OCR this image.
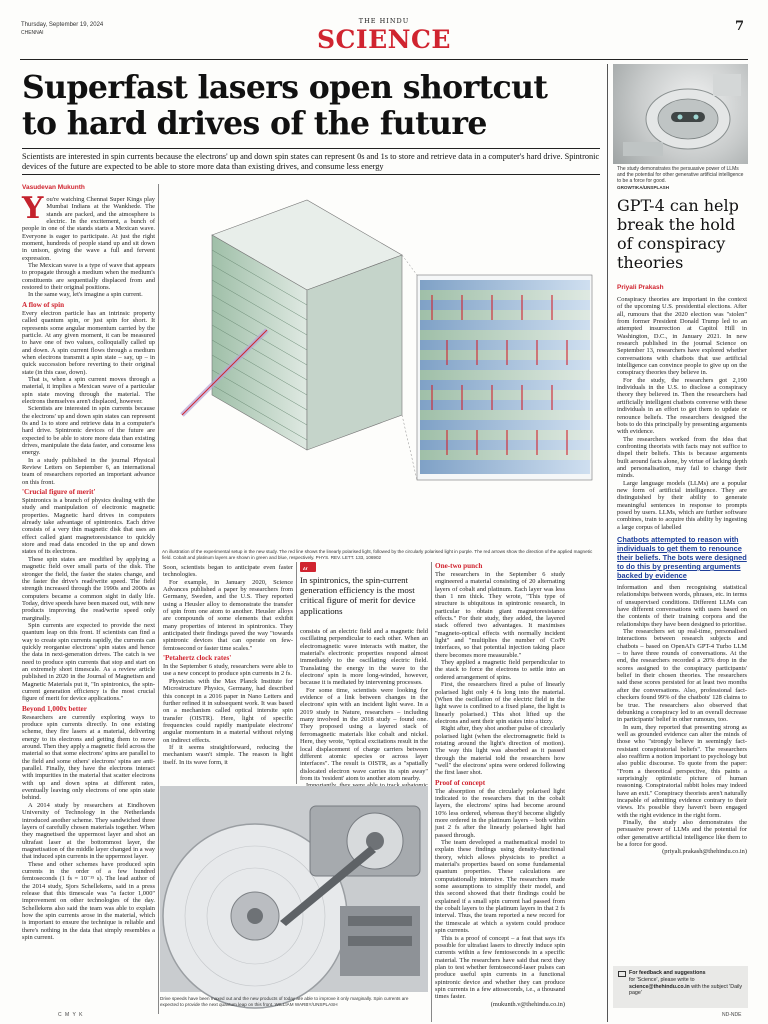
Thursday, September 19, 2024
CHENNAI
THE HINDU
SCIENCE	7
Superfast lasers open shortcut
to hard drives of the future
Scientists are interested in spin currents because the electrons' up and down spin states can represent 0s and 1s to store and retrieve data in a computer's hard drive. Spintronic devices of the future are expected to be able to store more data than existing drives, and consume less energy
Vasudevan Mukunth

You're watching Chennai Super Kings play Mumbai Indians at the Wankhede. The stands are packed, and the atmosphere is electric. In the excitement, a bunch of people in one of the stands starts a Mexican wave. Everyone is eager to participate. At just the right moment, hundreds of people stand up and sit down in unison, giving the wave a full and fervent expression.

The Mexican wave is a type of wave that appears to propagate through a medium when the medium's constituents are sequentially displaced from and restored to their original positions.

In the same way, let's imagine a spin current.

A flow of spin

Every electron particle has an intrinsic property called quantum spin, or just spin for short. It represents some angular momentum carried by the particle. At any given moment, it can be measured to have one of two values, colloquially called up and down. A spin current flows through a medium when electrons transmit a spin state – say, up – in quick succession before reverting to their original state (in this case, down).

That is, when a spin current moves through a material, it implies a Mexican wave of a particular spin state moving through the material. The electrons themselves aren't displaced, however.

Scientists are interested in spin currents because the electrons' up and down spin states can represent 0s and 1s to store and retrieve data in a computer's hard drive. Spintronic devices of the future are expected to be able to store more data than existing drives, manipulate the data faster, and consume less energy.

In a study published in the journal Physical Review Letters on September 6, an international team of researchers reported an important advance on this front.

'Crucial figure of merit'

Spintronics is a branch of physics dealing with the study and manipulation of electronic magnetic properties. Magnetic hard drives in computers already take advantage of spintronics. Each drive consists of a very thin magnetic disk that uses an effect called giant magnetoresistance to quickly store and read data encoded in the up and down states of its electrons.

These spin states are modified by applying a magnetic field over small parts of the disk. The stronger the field, the faster the states change, and the faster the drive's read/write speed. The field strength increased through the 1990s and 2000s as computers became a common sight in daily life. Today, drive speeds have been maxed out, with new products improving the read/write speed only marginally.

Spin currents are expected to provide the next quantum leap on this front. If scientists can find a way to create spin currents rapidly, the currents can quickly reorganise electrons' spin states and hence the data in next-generation drives. The catch is we need to produce spin currents that stop and start on an extremely short timescale. As a review article published in 2020 in the Journal of Magnetism and Magnetic Materials put it, "In spintronics, the spin-current generation efficiency is the most crucial figure of merit for device applications."

Beyond 1,000x better

Researchers are currently exploring ways to produce spin currents directly. In one existing scheme, they fire lasers at a material, delivering energy to its electrons and getting them to move around. Then they apply a magnetic field across the material so that some electrons' spins are parallel to the field and some others' electrons' spins are anti-parallel. Finally, they have the electrons interact with impurities in the material that scatter electrons with up and down spins at different rates, eventually leaving only electrons of one spin state behind.

A 2014 study by researchers at Eindhoven University of Technology in the Netherlands introduced another scheme. They sandwiched three layers of carefully chosen materials together. When they magnetised the uppermost layer and shot an ultrafast laser at the bottommost layer, the magnetisation of the middle layer changed in a way that induced spin currents in the uppermost layer.

These and other schemes have produced spin currents in the order of a few hundred femtoseconds (1 fs = 10⁻¹⁵ s). The lead author of the 2014 study, Sjors Schellekens, said in a press release that this timescale was "a factor 1,000" improvement on other technologies of the day. Schellekens also said the team was able to explain how the spin currents arose in the material, which is important to ensure the technique is reliable and there's nothing in the data that simply resembles a spin current.

An illustration of the experimental setup in the new study. The red line shows the linearly polarised light, followed by the circularly polarised light in purple. The red arrows show the direction of the applied magnetic field. Cobalt and platinum layers are shown in green and blue, respectively. PHYS. REV. LETT. 133, 106902

Soon, scientists began to anticipate even faster technologies.

For example, in January 2020, Science Advances published a paper by researchers from Germany, Sweden, and the U.S. They reported using a Heusler alloy to demonstrate the transfer of spin from one atom to another. Heusler alloys are compounds of some elements that exhibit many properties of interest in spintronics. They anticipated their findings paved the way "towards spintronic devices that can operate on few-femtosecond or faster time scales."

'Petahertz clock rates'

In the September 6 study, researchers were able to use a new concept to produce spin currents in 2 fs.

Physicists with the Max Planck Institute for Microstructure Physics, Germany, had described this concept in a 2016 paper in Nano Letters and further refined it in subsequent work. It was based on a mechanism called optical intersite spin transfer (OISTR). Here, light of specific frequencies could rapidly manipulate electrons' angular momentum in a material without relying on indirect effects.

If it seems straightforward, reducing the mechanism wasn't simple. The reason is light itself. In its wave form, it

“
In spintronics, the spin-current generation efficiency is the most critical figure of merit for device applications

consists of an electric field and a magnetic field oscillating perpendicular to each other. When an electromagnetic wave interacts with matter, the material's electronic properties respond almost immediately to the oscillating electric field. Translating the energy in the wave to the electrons' spin is more long-winded, however, because it is mediated by intervening processes.

For some time, scientists were looking for evidence of a link between changes in the electrons' spin with an incident light wave. In a 2019 study in Nature, researchers – including many involved in the 2018 study – found one. They proposed using a layered stack of ferromagnetic materials like cobalt and nickel. Here, they wrote, "optical excitations result in the local displacement of charge carriers between different atomic species or across layer interfaces". The result is OISTR, as a "spatially dislocated electron wave carries its spin away" from its 'resident' atom to another atom nearby.

One-two punch

The researchers in the September 6 study engineered a material consisting of 20 alternating layers of cobalt and platinum. Each layer was less than 1 nm thick. They wrote, "This type of structure is ubiquitous in spintronic research, in particular to obtain giant magnetoresistance effects." For their study, they added, the layered stack offered two advantages. It maximises "magneto-optical effects with normally incident light" and "multiplies the number of Co/Pt interfaces, so that potential injection taking place there becomes more measurable."

They applied a magnetic field perpendicular to the stack to force the electrons to settle into an ordered arrangement of spins.

First, the researchers fired a pulse of linearly polarised light only 4 fs long into the material. (When the oscillation of the electric field in the light wave is confined to a fixed plane, the light is linearly polarised.) This shot lifted up the electrons and sent their spin states into a tizzy.

Right after, they shot another pulse of circularly polarised light (when the electromagnetic field is rotating around the light's direction of motion). The way this light was absorbed as it passed through the material told the researchers how "well" the electrons' spins were ordered following the first laser shot.

Proof of concept

The absorption of the circularly polarised light indicated to the researchers that in the cobalt layers, the electrons' spins had become around 10% less ordered, whereas they'd become slightly more ordered in the platinum layers – both within just 2 fs after the linearly polarised light had passed through.

The team developed a mathematical model to explain these findings using density-functional theory, which allows physicists to predict a material's properties based on some fundamental quantum properties. These calculations are computationally intensive. The researchers made some assumptions to simplify their model, and this second showed that their findings could be explained if a small spin current had passed from the cobalt layers to the platinum layers in that 2 fs interval. Thus, the team reported a new record for the timescale at which a system could produce spin currents.

This is a proof of concept – a feat that says it's possible for ultrafast lasers to directly induce spin currents within a few femtoseconds in a specific material. The researchers have said that next they plan to test whether femtosecond-laser pulses can produce useful spin currents in a functional spintronic device and whether they can produce spin currents in a few attoseconds, i.e., a thousand times faster.

(mukunth.v@thehindu.co.in)

Drive speeds have been maxed out and the new products of today are able to improve it only marginally. Spin currents are expected to provide the next quantum leap on this front. WILLIAM WARBY/UNSPLASH
The study demonstrates the persuasive power of LLMs and the potential for other generative artificial intelligence to be a force for good.
GROWTIKA/UNSPLASH
GPT-4 can help break the hold of conspiracy theories
Priyali Prakash

Conspiracy theories are important in the context of the upcoming U.S. presidential elections. After all, rumours that the 2020 election was "stolen" from former President Donald Trump led to an attempted insurrection at Capitol Hill in Washington, D.C., in January 2021. In new research published in the journal Science on September 13, researchers have explored whether conversations with chatbots that use artificial intelligence can convince people to give up on the conspiracy theories they believe in.

For the study, the researchers got 2,190 individuals in the U.S. to disclose a conspiracy theory they believed in. Then the researchers had artificially intelligent chatbots converse with these individuals in an effort to get them to update or renounce beliefs. The researchers designed the bots to do this principally by presenting arguments with evidence.

The researchers worked from the idea that confronting theorists with facts may not suffice to dispel their beliefs. This is because arguments built around facts alone, by virtue of lacking depth and personalisation, may fail to change their minds.

Large language models (LLMs) are a popular new form of artificial intelligence. They are distinguished by their ability to generate meaningful sentences in response to prompts posed by users. LLMs, which are further software combines, train to acquire this ability by ingesting a large corpus of labelled

Chatbots attempted to reason with individuals to get them to renounce their beliefs. The bots were designed to do this by presenting arguments backed by evidence

information and then recognising statistical relationships between words, phrases, etc. in terms of unsupervised conditions. Different LLMs can have different conversations with users based on the contents of their training corpora and the relationships they have been designed to prioritise.

The researchers set up real-time, personalised interactions between research subjects and chatbots – based on OpenAI's GPT-4 Turbo LLM – to have three rounds of conversations. At the end, the researchers recorded a 20% drop in the scores assigned to the conspiracy participants' belief in their chosen theories. The researchers said these scores persisted for at least two months after the conversations. Also, professional fact-checkers found 99% of the chatbots' 128 claims to be true. The researchers also observed that debunking a conspiracy led to an overall decrease in participants' belief in other rumours, too.

In sum, they reported that presenting strong as well as grounded evidence can alter the minds of those who "strongly believe in seemingly fact-resistant conspiratorial beliefs". The researchers also reaffirm a notion important to psychology but also public discourse. To quote from the paper: "From a theoretical perspective, this paints a surprisingly optimistic picture of human reasoning. Conspiratorial rabbit holes may indeed have an exit." Conspiracy theorists aren't naturally incapable of admitting evidence contrary to their views. It's possible they haven't been engaged with the right evidence in the right form.

Finally, the study also demonstrates the persuasive power of LLMs and the potential for other generative artificial intelligence like them to be a force for good.

(priyali.prakash@thehindu.co.in)

For feedback and suggestions
for 'Science', please write to science@thehindu.co.in with the subject 'Daily page'
C M Y K	ND-NDE
